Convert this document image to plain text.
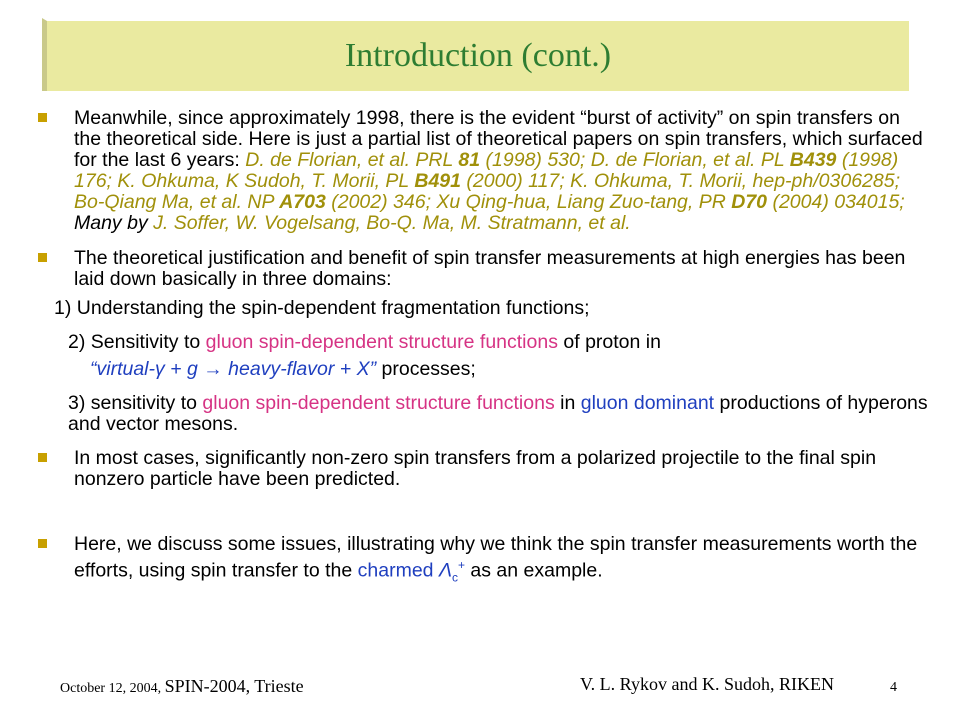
Introduction (cont.)
Meanwhile, since approximately 1998, there is the evident “burst of activity” on spin transfers on the theoretical side. Here is just a partial list of theoretical papers on spin transfers, which surfaced for the last 6 years: D. de Florian, et al. PRL 81 (1998) 530; D. de Florian, et al. PL B439 (1998) 176; K. Ohkuma, K Sudoh, T. Morii, PL B491 (2000) 117; K. Ohkuma, T. Morii, hep-ph/0306285; Bo-Qiang Ma, et al. NP A703 (2002) 346; Xu Qing-hua, Liang Zuo-tang, PR D70 (2004) 034015; Many by J. Soffer, W. Vogelsang, Bo-Q. Ma, M. Stratmann, et al.
The theoretical justification and benefit of spin transfer measurements at high energies has been laid down basically in three domains:
1) Understanding the spin-dependent fragmentation functions;
2) Sensitivity to gluon spin-dependent structure functions of proton in
“virtual-γ + g → heavy-flavor + X” processes;
3) sensitivity to gluon spin-dependent structure functions in gluon dominant productions of hyperons and vector mesons.
In most cases, significantly non-zero spin transfers from a polarized projectile to the final spin nonzero particle have been predicted.
Here, we discuss some issues, illustrating why we think the spin transfer measurements worth the efforts, using spin transfer to the charmed $\Lambda_c^+$ as an example.
October 12, 2004, SPIN-2004, Trieste	V. L. Rykov and K. Sudoh, RIKEN	4
